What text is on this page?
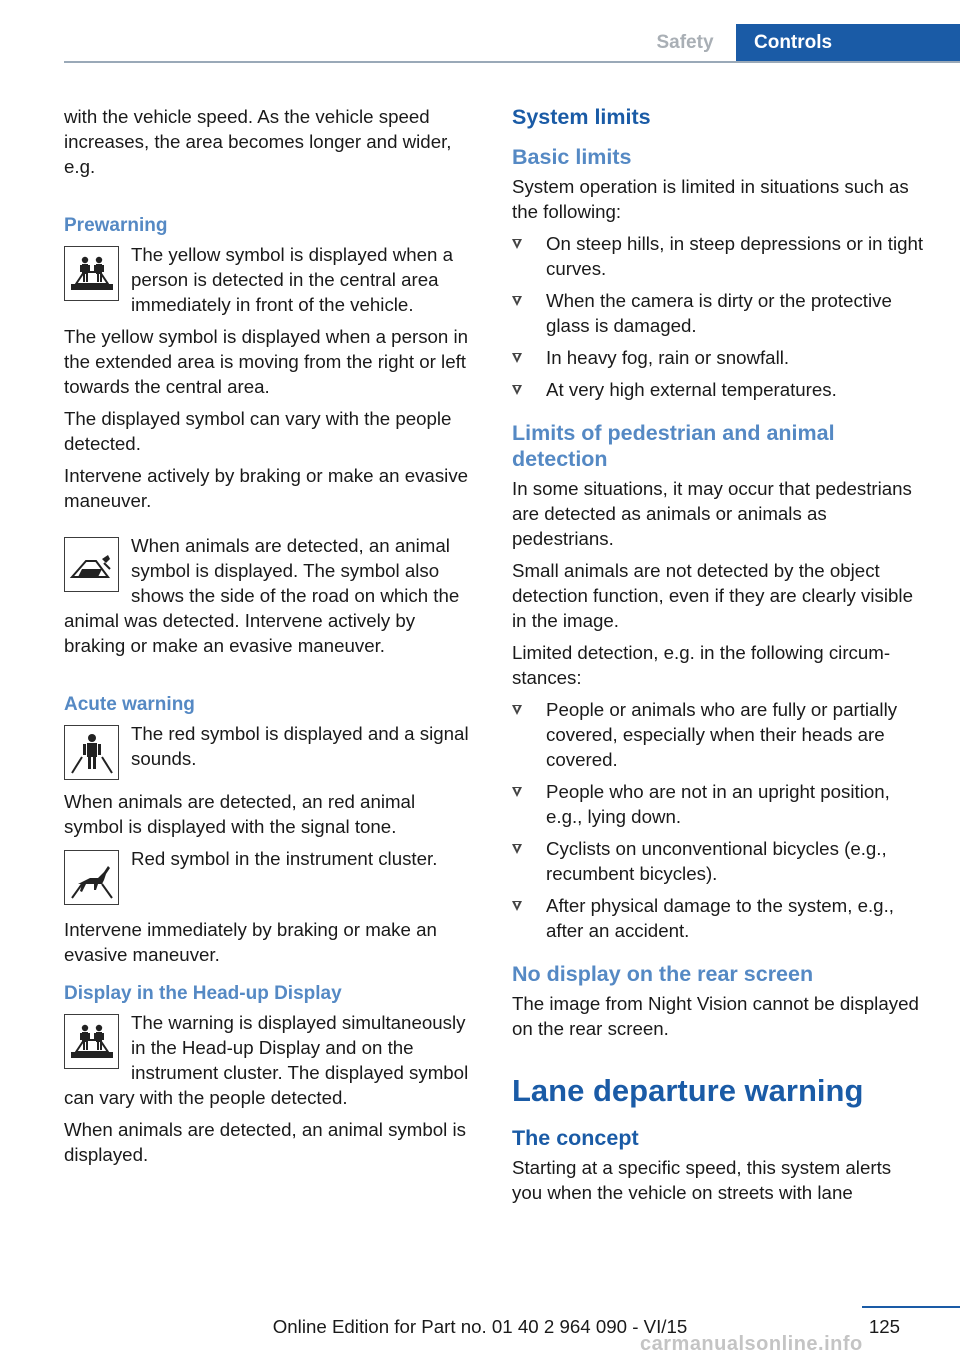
Safety	Controls

with the vehicle speed. As the vehicle speed increases, the area becomes longer and wider, e.g.

Prewarning
The yellow symbol is displayed when a person is detected in the central area immediately in front of the vehicle.

The yellow symbol is displayed when a person in the extended area is moving from the right or left towards the central area.

The displayed symbol can vary with the people detected.

Intervene actively by braking or make an evasive maneuver.

When animals are detected, an animal symbol is displayed. The symbol also shows the side of the road on which the animal was detected. Intervene actively by braking or make an evasive maneuver.
Acute warning
The red symbol is displayed and a signal sounds.

When animals are detected, an red animal symbol is displayed with the signal tone.

Red symbol in the instrument cluster.

Intervene immediately by braking or make an evasive maneuver.

Display in the Head-up Display
The warning is displayed simultaneously in the Head-up Display and on the instrument cluster. The displayed symbol can vary with the people detected.

When animals are detected, an animal symbol is displayed.

System limits
Basic limits

System operation is limited in situations such as the following:

On steep hills, in steep depressions or in tight curves.
When the camera is dirty or the protective glass is damaged.
In heavy fog, rain or snowfall.
At very high external temperatures.
Limits of pedestrian and animal detection

In some situations, it may occur that pedestrians are detected as animals or animals as pedestrians.

Small animals are not detected by the object detection function, even if they are clearly visible in the image.

Limited detection, e.g. in the following circumstances:

People or animals who are fully or partially covered, especially when their heads are covered.
People who are not in an upright position, e.g., lying down.
Cyclists on unconventional bicycles (e.g., recumbent bicycles).
After physical damage to the system, e.g., after an accident.
No display on the rear screen

The image from Night Vision cannot be displayed on the rear screen.

Lane departure warning
The concept

Starting at a specific speed, this system alerts you when the vehicle on streets with lane

125
Online Edition for Part no. 01 40 2 964 090 - VI/15
carmanualsonline.info
